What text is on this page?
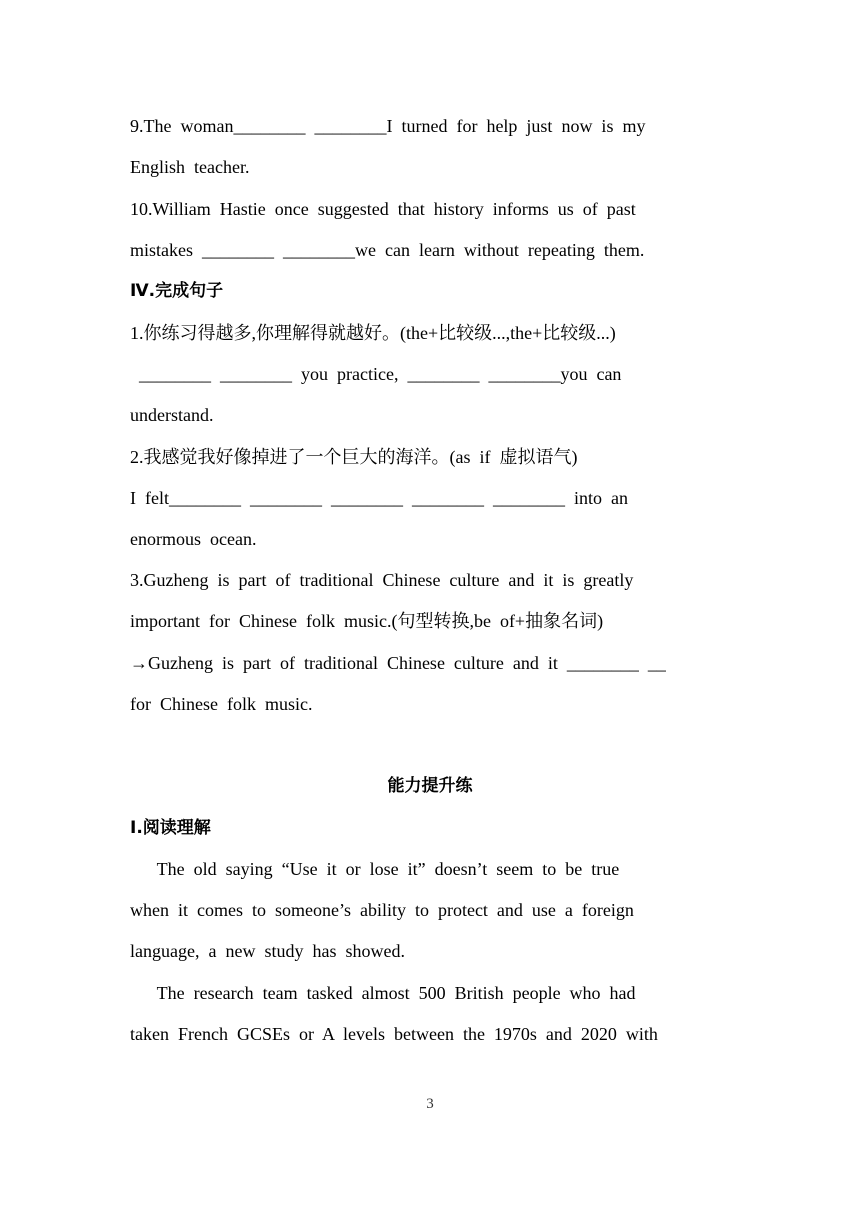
9.The  woman________  ________I  turned  for  help  just  now  is  my
English  teacher.
10.William  Hastie  once  suggested  that  history  informs  us  of  past
mistakes  ________  ________we  can  learn  without  repeating  them.
Ⅳ.完成句子
1.你练习得越多,你理解得就越好。(the+比较级...,the+比较级...)
________  ________  you  practice,  ________  ________you  can
understand.
2.我感觉我好像掉进了一个巨大的海洋。(as  if  虚拟语气)
I  felt________  ________  ________  ________  ________  into  an
enormous  ocean.
3.Guzheng  is  part  of  traditional  Chinese  culture  and  it  is  greatly
important  for  Chinese  folk  music.(句型转换,be  of+抽象名词)
→Guzheng  is  part  of  traditional  Chinese  culture  and  it  ________  __
for  Chinese  folk  music.
能力提升练
Ⅰ.阅读理解
The  old  saying  “Use  it  or  lose  it”  doesn’t  seem  to  be  true
when  it  comes  to  someone’s  ability  to  protect  and  use  a  foreign
language,  a  new  study  has  showed.
The  research  team  tasked  almost  500  British  people  who  had
taken  French  GCSEs  or  A  levels  between  the  1970s  and  2020  with
3
